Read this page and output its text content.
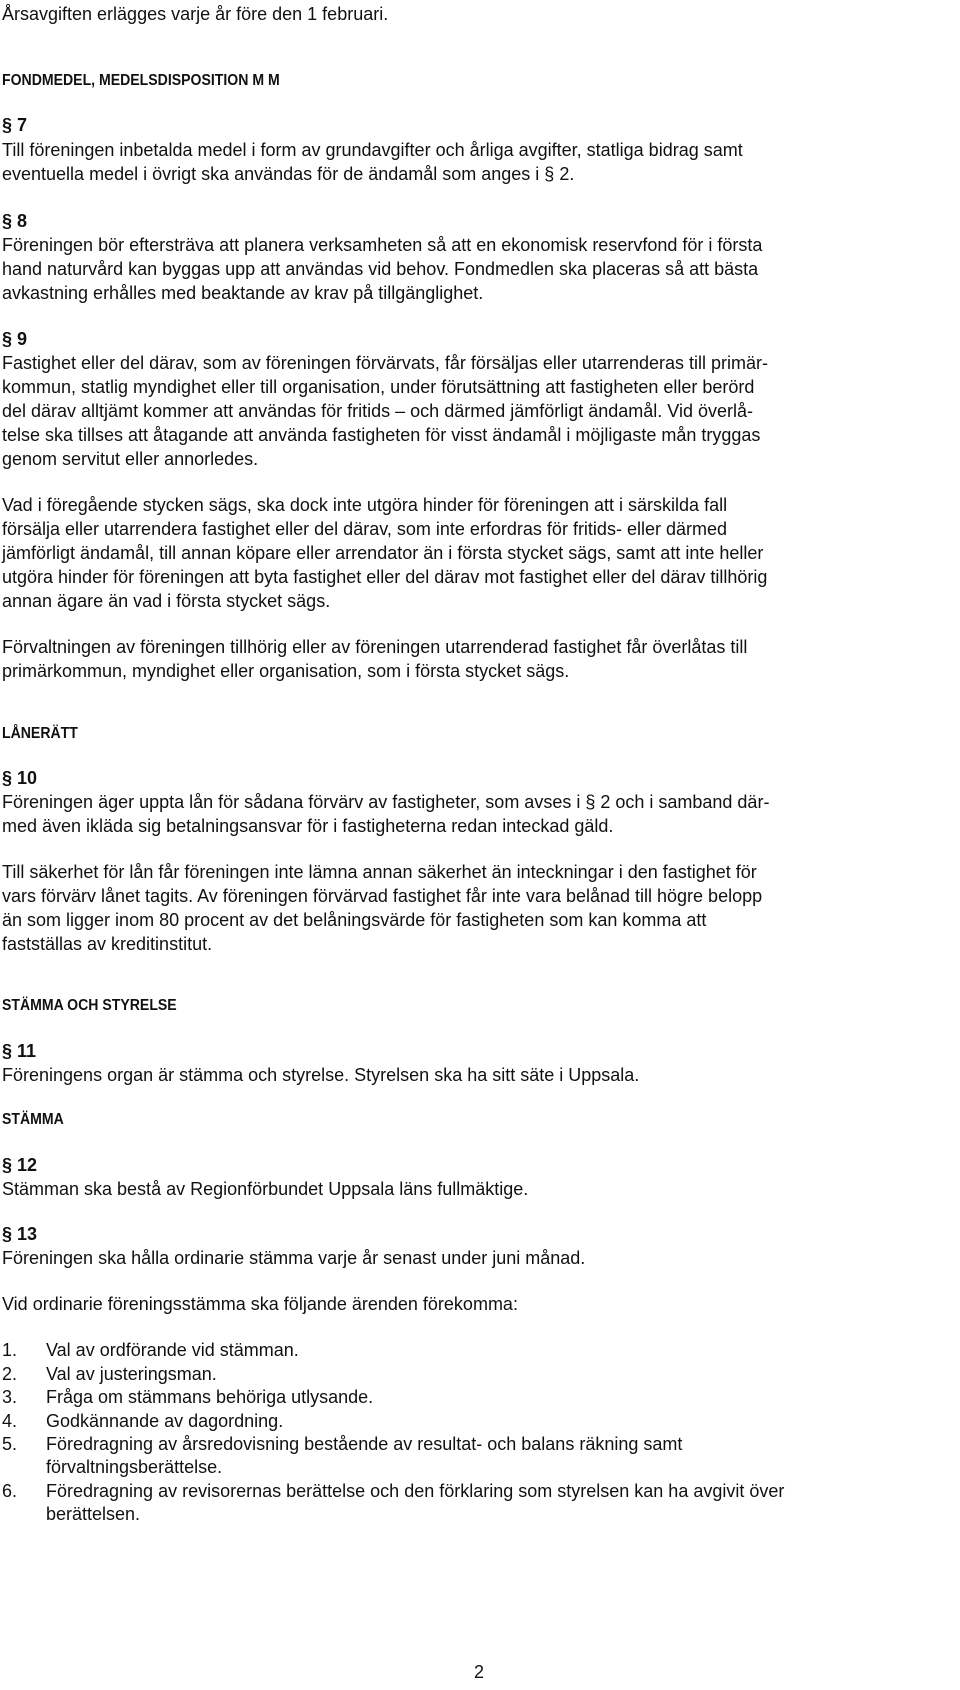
Årsavgiften erlägges varje år före den 1 februari.
FONDMEDEL, MEDELSDISPOSITION M M
§ 7
Till föreningen inbetalda medel i form av grundavgifter och årliga avgifter, statliga bidrag samt
eventuella medel i övrigt ska användas för de ändamål som anges i § 2.
§ 8
Föreningen bör eftersträva att planera verksamheten så att en ekonomisk reservfond för i första
hand naturvård kan byggas upp att användas vid behov. Fondmedlen ska placeras så att bästa
avkastning erhålles med beaktande av krav på tillgänglighet.
§ 9
Fastighet eller del därav, som av föreningen förvärvats, får försäljas eller utarrenderas till primär-
kommun, statlig myndighet eller till organisation, under förutsättning att fastigheten eller berörd
del därav alltjämt kommer att användas för fritids – och därmed jämförligt ändamål. Vid överlå-
telse ska tillses att åtagande att använda fastigheten för visst ändamål i möjligaste mån tryggas
genom servitut eller annorledes.
Vad i föregående stycken sägs, ska dock inte utgöra hinder för föreningen att i särskilda fall
försälja eller utarrendera fastighet eller del därav, som inte erfordras för fritids- eller därmed
jämförligt ändamål, till annan köpare eller arrendator än i första stycket sägs, samt att inte heller
utgöra hinder för föreningen att byta fastighet eller del därav mot fastighet eller del därav tillhörig
annan ägare än vad i första stycket sägs.
Förvaltningen av föreningen tillhörig eller av föreningen utarrenderad fastighet får överlåtas till
primärkommun, myndighet eller organisation, som i första stycket sägs.
LÅNERÄTT
§ 10
Föreningen äger uppta lån för sådana förvärv av fastigheter, som avses i § 2 och i samband där-
med även ikläda sig betalningsansvar för i fastigheterna redan inteckad gäld.
Till säkerhet för lån får föreningen inte lämna annan säkerhet än inteckningar i den fastighet för
vars förvärv lånet tagits. Av föreningen förvärvad fastighet får inte vara belånad till högre belopp
än som ligger inom 80 procent av det belåningsvärde för fastigheten som kan komma att
fastställas av kreditinstitut.
STÄMMA OCH STYRELSE
§ 11
Föreningens organ är stämma och styrelse. Styrelsen ska ha sitt säte i Uppsala.
STÄMMA
§ 12
Stämman ska bestå av Regionförbundet Uppsala läns fullmäktige.
§ 13
Föreningen ska hålla ordinarie stämma varje år senast under juni månad.
Vid ordinarie föreningsstämma ska följande ärenden förekomma:
1. Val av ordförande vid stämman.
2. Val av justeringsman.
3. Fråga om stämmans behöriga utlysande.
4. Godkännande av dagordning.
5. Föredragning av årsredovisning bestående av resultat- och balans räkning samt
förvaltningsberättelse.
6. Föredragning av revisorernas berättelse och den förklaring som styrelsen kan ha avgivit över
berättelsen.
2
